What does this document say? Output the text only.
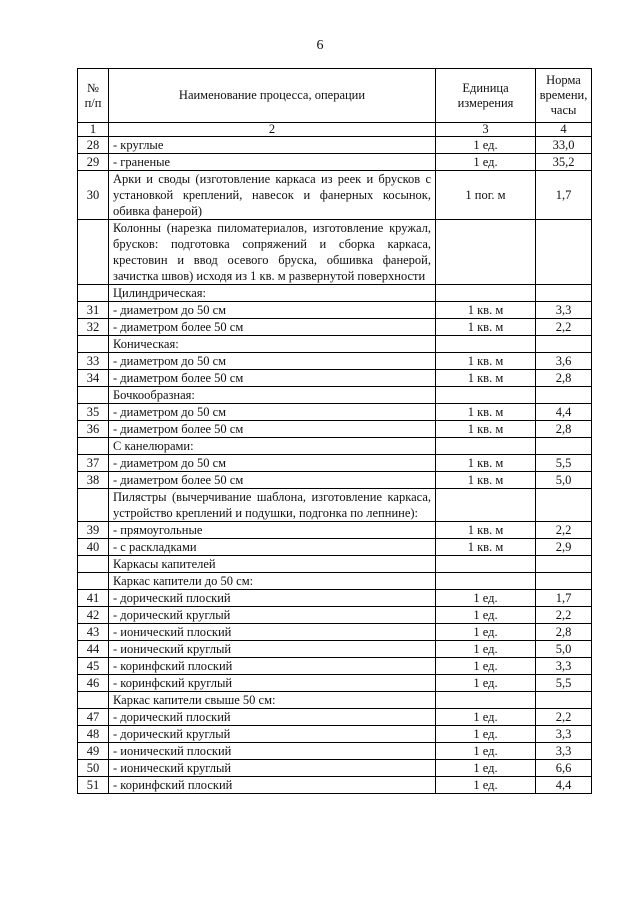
6
№ п/п	Наименование процесса, операции	Единица измерения	Норма времени, часы
1	2	3	4
28	- круглые	1 ед.	33,0
29	- граненые	1 ед.	35,2
30	Арки и своды (изготовление каркаса из реек и брусков с установкой креплений, навесок и фанерных косынок, обивка фанерой)	1 пог. м	1,7
	Колонны (нарезка пиломатериалов, изготовление кружал, брусков: подготовка сопряжений и сборка каркаса, крестовин и ввод осевого бруска, обшивка фанерой, зачистка швов) исходя из 1 кв. м развернутой поверхности		
	Цилиндрическая:		
31	- диаметром до 50 см	1 кв. м	3,3
32	- диаметром более 50 см	1 кв. м	2,2
	Коническая:		
33	- диаметром до 50 см	1 кв. м	3,6
34	- диаметром более 50 см	1 кв. м	2,8
	Бочкообразная:		
35	- диаметром до 50 см	1 кв. м	4,4
36	- диаметром более 50 см	1 кв. м	2,8
	С канелюрами:		
37	- диаметром до 50 см	1 кв. м	5,5
38	- диаметром более 50 см	1 кв. м	5,0
	Пилястры (вычерчивание шаблона, изготовление каркаса, устройство креплений и подушки, подгонка по лепнине):		
39	- прямоугольные	1 кв. м	2,2
40	- с раскладками	1 кв. м	2,9
	Каркасы капителей		
	Каркас капители до 50 см:		
41	- дорический плоский	1 ед.	1,7
42	- дорический круглый	1 ед.	2,2
43	- ионический плоский	1 ед.	2,8
44	- ионический круглый	1 ед.	5,0
45	- коринфский плоский	1 ед.	3,3
46	- коринфский круглый	1 ед.	5,5
	Каркас капители свыше 50 см:		
47	- дорический плоский	1 ед.	2,2
48	- дорический круглый	1 ед.	3,3
49	- ионический плоский	1 ед.	3,3
50	- ионический круглый	1 ед.	6,6
51	- коринфский плоский	1 ед.	4,4
